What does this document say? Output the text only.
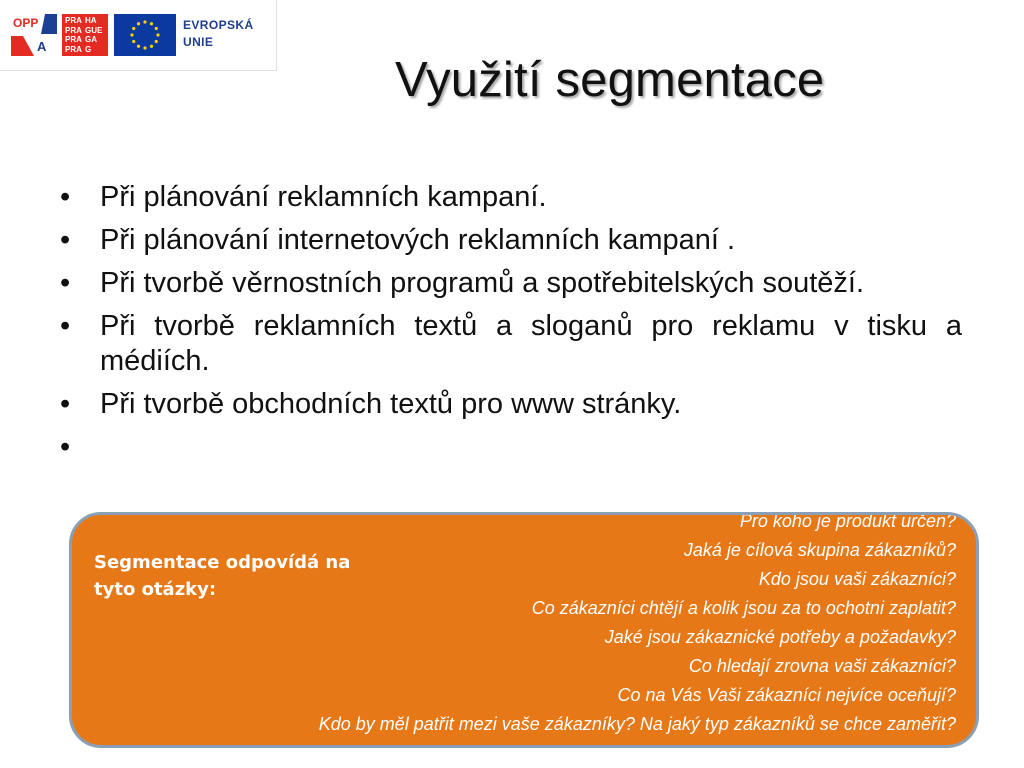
OPP
A
PRA HA
PRA GUE
PRA GA
PRA G
EVROPSKÁ
UNIE
Využití segmentace
• Při plánování reklamních kampaní.
• Při plánování internetových reklamních kampaní .
• Při tvorbě věrnostních programů a spotřebitelských soutěží.
• Při tvorbě reklamních textů a sloganů pro reklamu v tisku a médiích.
• Při tvorbě obchodních textů pro www stránky.
•

Segmentace odpovídá na tyto otázky:
Pro koho je produkt určen?
Jaká je cílová skupina zákazníků?
Kdo jsou vaši zákazníci?
Co zákazníci chtějí a kolik jsou za to ochotni zaplatit?
Jaké jsou zákaznické potřeby a požadavky?
Co hledají zrovna vaši zákazníci?
Co na Vás Vaši zákazníci nejvíce oceňují?
Kdo by měl patřit mezi vaše zákazníky? Na jaký typ zákazníků se chce zaměřit?
